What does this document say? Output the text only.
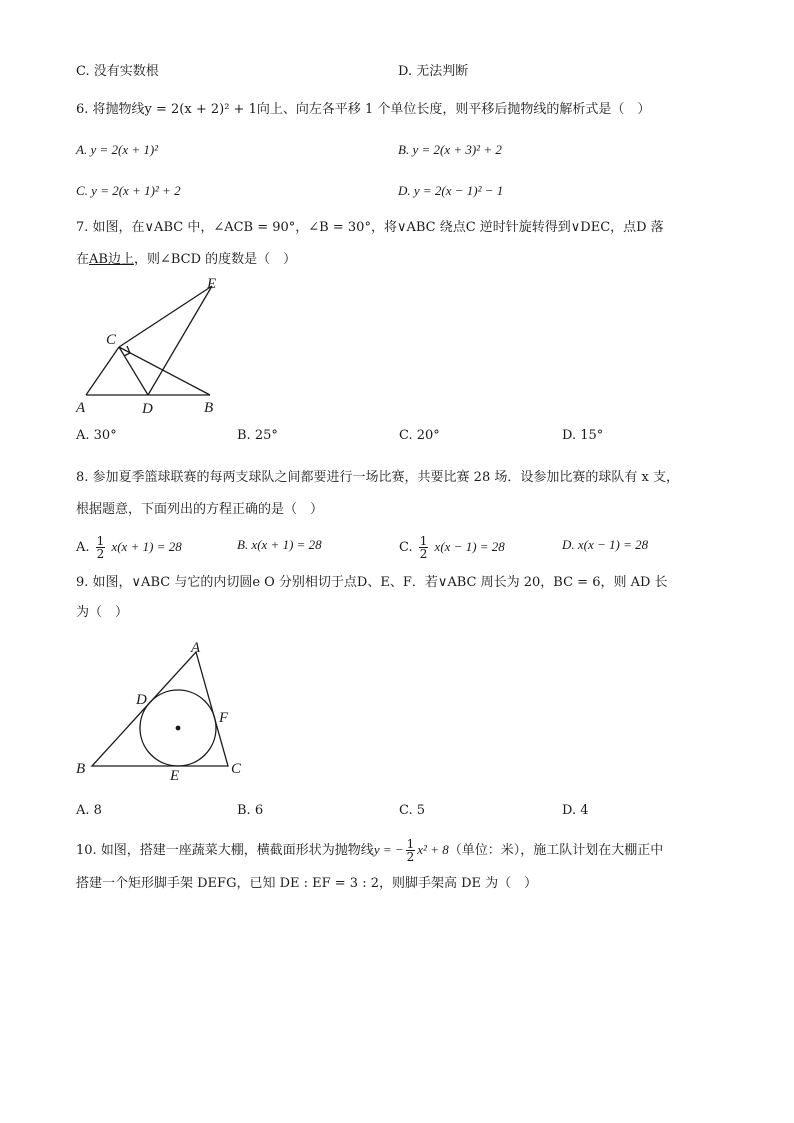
C. 没有实数根	D. 无法判断
6. 将抛物线y = 2(x + 2)² + 1向上、向左各平移 1 个单位长度，则平移后抛物线的解析式是（　）
A. y = 2(x + 1)²	B. y = 2(x + 3)² + 2
C. y = 2(x + 1)² + 2	D. y = 2(x − 1)² − 1
7. 如图，在∨ABC 中，∠ACB = 90°，∠B = 30°，将∨ABC 绕点C 逆时针旋转得到∨DEC，点D 落
在AB边上，则∠BCD 的度数是（　）
E
C
A	D	B
A. 30°	B. 25°	C. 20°	D. 15°
8. 参加夏季篮球联赛的每两支球队之间都要进行一场比赛，共要比赛 28 场．设参加比赛的球队有 x 支，
根据题意，下面列出的方程正确的是（　）
A. $\frac{1}{2} x(x + 1) = 28$	B. x(x + 1) = 28	C. $\frac{1}{2} x(x - 1) = 28$	D. x(x − 1) = 28
9. 如图，∨ABC 与它的内切圆e O 分别相切于点D、E、F．若∨ABC 周长为 20，BC = 6，则 AD 长
为（　）
A
D
F
B	E	C
A. 8	B. 6	C. 5	D. 4
10. 如图，搭建一座蔬菜大棚，横截面形状为抛物线y = − $\frac{1}{2} x^2 + 8$（单位：米），施工队计划在大棚正中
搭建一个矩形脚手架 DEFG，已知 DE : EF = 3 : 2，则脚手架高 DE 为（　）
